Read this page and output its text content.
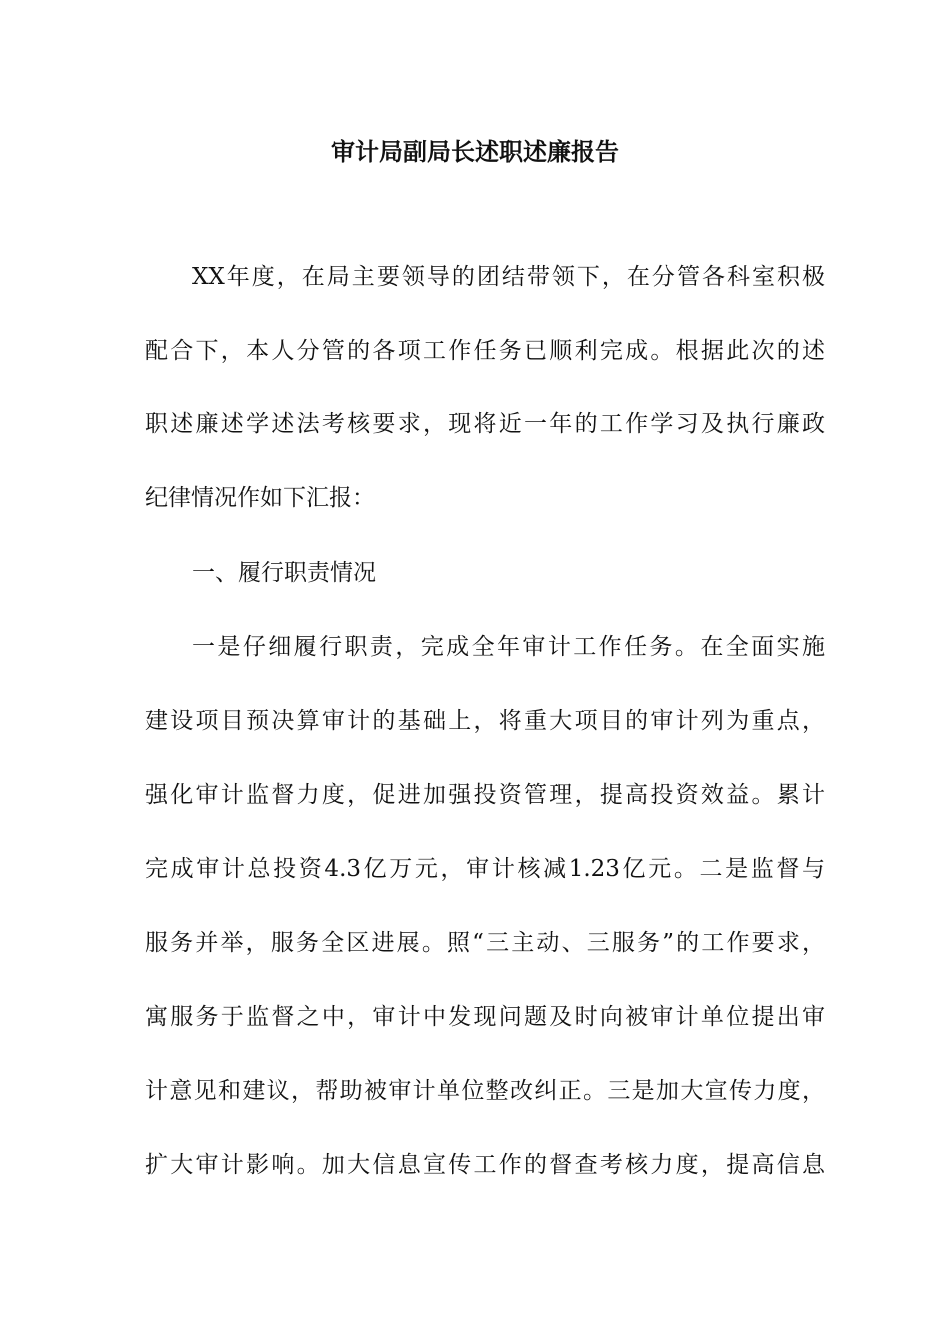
审计局副局长述职述廉报告
XX年度，在局主要领导的团结带领下，在分管各科室积极
配合下，本人分管的各项工作任务已顺利完成。根据此次的述
职述廉述学述法考核要求，现将近一年的工作学习及执行廉政
纪律情况作如下汇报：
一、履行职责情况
一是仔细履行职责，完成全年审计工作任务。在全面实施
建设项目预决算审计的基础上，将重大项目的审计列为重点，
强化审计监督力度，促进加强投资管理，提高投资效益。累计
完成审计总投资4.3亿万元，审计核减1.23亿元。二是监督与
服务并举，服务全区进展。照“三主动、三服务”的工作要求，
寓服务于监督之中，审计中发现问题及时向被审计单位提出审
计意见和建议，帮助被审计单位整改纠正。三是加大宣传力度，
扩大审计影响。加大信息宣传工作的督查考核力度，提高信息
